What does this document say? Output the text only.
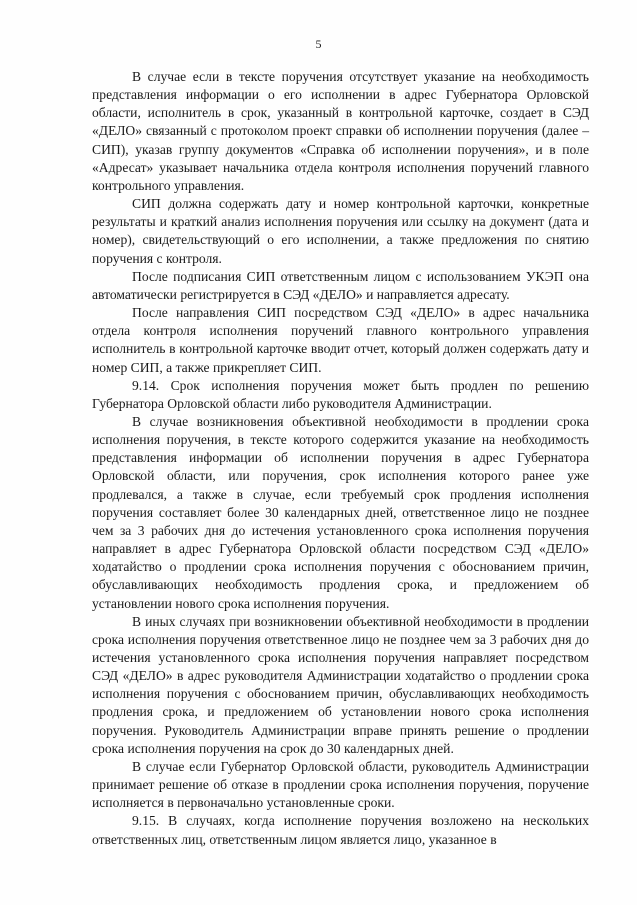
5

В случае если в тексте поручения отсутствует указание на необходимость представления информации о его исполнении в адрес Губернатора Орловской области, исполнитель в срок, указанный в контрольной карточке, создает в СЭД «ДЕЛО» связанный с протоколом проект справки об исполнении поручения (далее – СИП), указав группу документов «Справка об исполнении поручения», и в поле «Адресат» указывает начальника отдела контроля исполнения поручений главного контрольного управления.

СИП должна содержать дату и номер контрольной карточки, конкретные результаты и краткий анализ исполнения поручения или ссылку на документ (дата и номер), свидетельствующий о его исполнении, а также предложения по снятию поручения с контроля.

После подписания СИП ответственным лицом с использованием УКЭП она автоматически регистрируется в СЭД «ДЕЛО» и направляется адресату.

После направления СИП посредством СЭД «ДЕЛО» в адрес начальника отдела контроля исполнения поручений главного контрольного управления исполнитель в контрольной карточке вводит отчет, который должен содержать дату и номер СИП, а также прикрепляет СИП.

9.14. Срок исполнения поручения может быть продлен по решению Губернатора Орловской области либо руководителя Администрации.

В случае возникновения объективной необходимости в продлении срока исполнения поручения, в тексте которого содержится указание на необходимость представления информации об исполнении поручения в адрес Губернатора Орловской области, или поручения, срок исполнения которого ранее уже продлевался, а также в случае, если требуемый срок продления исполнения поручения составляет более 30 календарных дней, ответственное лицо не позднее чем за 3 рабочих дня до истечения установленного срока исполнения поручения направляет в адрес Губернатора Орловской области посредством СЭД «ДЕЛО» ходатайство о продлении срока исполнения поручения с обоснованием причин, обуславливающих необходимость продления срока, и предложением об установлении нового срока исполнения поручения.

В иных случаях при возникновении объективной необходимости в продлении срока исполнения поручения ответственное лицо не позднее чем за 3 рабочих дня до истечения установленного срока исполнения поручения направляет посредством СЭД «ДЕЛО» в адрес руководителя Администрации ходатайство о продлении срока исполнения поручения с обоснованием причин, обуславливающих необходимость продления срока, и предложением об установлении нового срока исполнения поручения. Руководитель Администрации вправе принять решение о продлении срока исполнения поручения на срок до 30 календарных дней.

В случае если Губернатор Орловской области, руководитель Администрации принимает решение об отказе в продлении срока исполнения поручения, поручение исполняется в первоначально установленные сроки.

9.15. В случаях, когда исполнение поручения возложено на нескольких ответственных лиц, ответственным лицом является лицо, указанное в
